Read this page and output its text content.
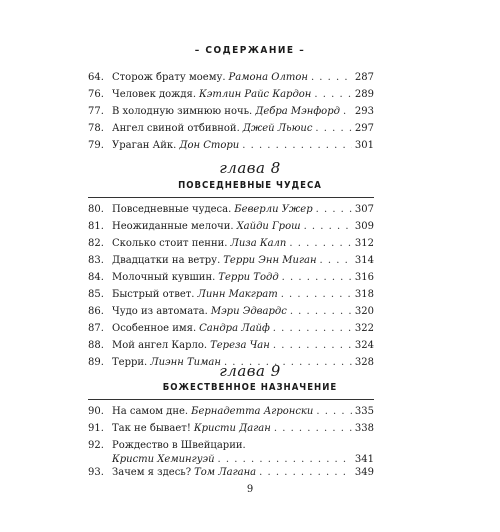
– СОДЕРЖАНИЕ –
64. Сторож брату моему. Рамона Олтон . . .	287
76. Человек дождя. Кэтлин Райс Кардон . . .	289
77. В холодную зимнюю ночь. Дебра Мэнфорд . . . 293
78. Ангел свиной отбивной. Джей Льюис . . .	297
79. Ураган Айк. Дон Стори . . .	301
глава 8
ПОВСЕДНЕВНЫЕ ЧУДЕСА
80. Повседневные чудеса. Беверли Ужер . . .	307
81. Неожиданные мелочи. Хайди Грош . . .	309
82. Сколько стоит пенни. Лиза Калп . . .	312
83. Двадцатки на ветру. Терри Энн Миган . . .	314
84. Молочный кувшин. Терри Тодд . . .	316
85. Быстрый ответ. Линн Макграт . . .	318
86. Чудо из автомата. Мэри Эдвардс . . .	320
87. Особенное имя. Сандра Лайф . . .	322
88. Мой ангел Карло. Тереза Чан . . .	324
89. Терри. Лиэнн Тиман . . .	328
глава 9
БОЖЕСТВЕННОЕ НАЗНАЧЕНИЕ
90. На самом дне. Бернадетта Агронски . . .	335
91. Так не бывает! Кристи Даган . . .	338
92. Рождество в Швейцарии.
Кристи Хемингуэй . . .	341
93. Зачем я здесь? Том Лагана . . .	349
9
